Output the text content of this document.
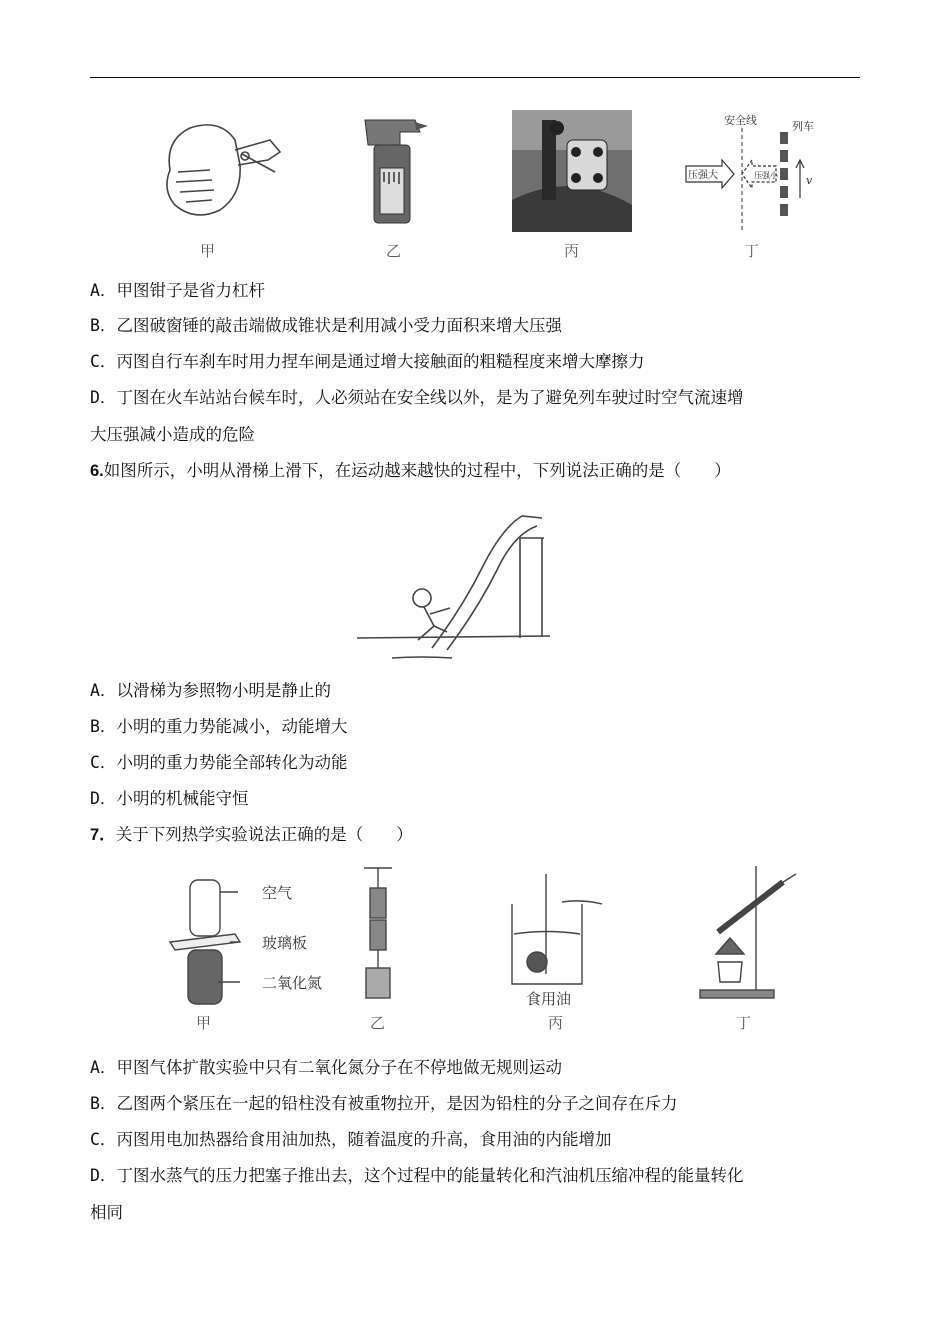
甲	乙	丙
安全线	列车
压强大	压强小	v
丁
A．甲图钳子是省力杠杆
B．乙图破窗锤的敲击端做成锥状是利用减小受力面积来增大压强
C．丙图自行车刹车时用力捏车闸是通过增大接触面的粗糙程度来增大摩擦力
D．丁图在火车站站台候车时，人必须站在安全线以外，是为了避免列车驶过时空气流速增
大压强减小造成的危险
6.如图所示，小明从滑梯上滑下，在运动越来越快的过程中，下列说法正确的是（　　）
A．以滑梯为参照物小明是静止的
B．小明的重力势能减小，动能增大
C．小明的重力势能全部转化为动能
D．小明的机械能守恒
7．关于下列热学实验说法正确的是（　　）
空气
玻璃板
二氧化氮
甲	乙
食用油
丙	丁
A．甲图气体扩散实验中只有二氧化氮分子在不停地做无规则运动
B．乙图两个紧压在一起的铅柱没有被重物拉开，是因为铅柱的分子之间存在斥力
C．丙图用电加热器给食用油加热，随着温度的升高，食用油的内能增加
D．丁图水蒸气的压力把塞子推出去，这个过程中的能量转化和汽油机压缩冲程的能量转化
相同
